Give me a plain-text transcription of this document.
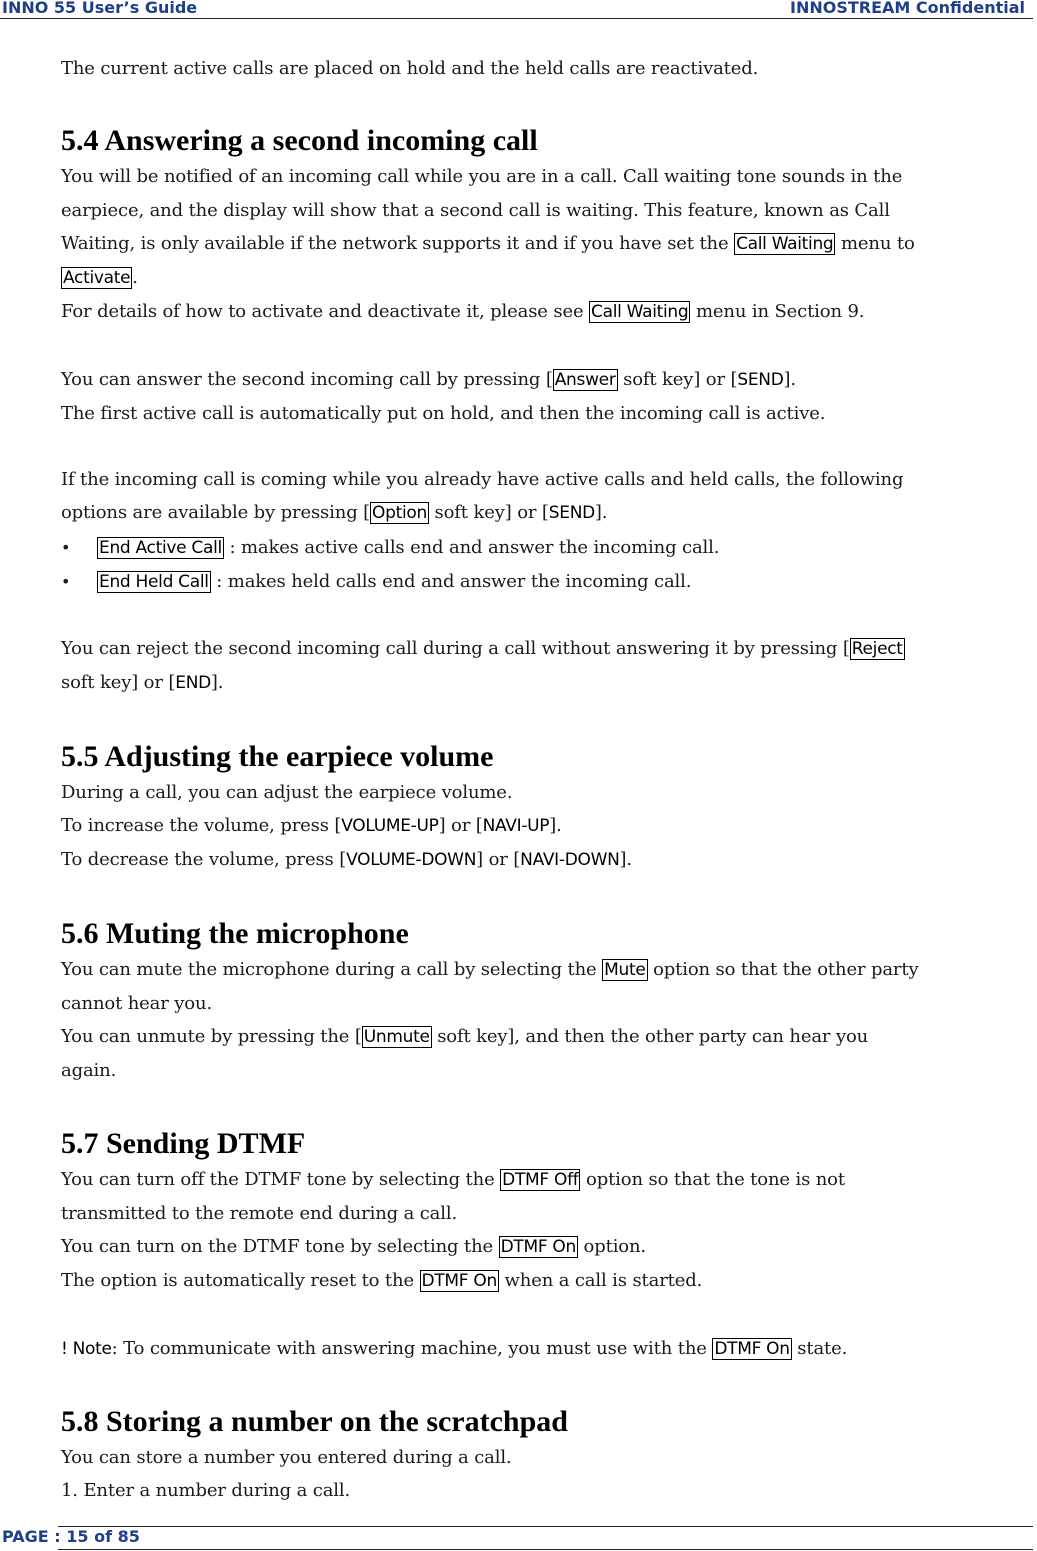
INNO 55 User’s Guide	INNOSTREAM Confidential

The current active calls are placed on hold and the held calls are reactivated.

5.4 Answering a second incoming call

You will be notified of an incoming call while you are in a call. Call waiting tone sounds in the

earpiece, and the display will show that a second call is waiting. This feature, known as Call

Waiting, is only available if the network supports it and if you have set the Call Waiting menu to

Activate .

For details of how to activate and deactivate it, please see Call Waiting menu in Section 9.

You can answer the second incoming call by pressing [ Answer soft key] or [SEND].

The first active call is automatically put on hold, and then the incoming call is active.

If the incoming call is coming while you already have active calls and held calls, the following

options are available by pressing [ Option soft key] or [SEND].

• End Active Call : makes active calls end and answer the incoming call.

• End Held Call : makes held calls end and answer the incoming call.

You can reject the second incoming call during a call without answering it by pressing [ Reject

soft key] or [END].

5.5 Adjusting the earpiece volume

During a call, you can adjust the earpiece volume.

To increase the volume, press [VOLUME-UP] or [NAVI-UP].

To decrease the volume, press [VOLUME-DOWN] or [NAVI-DOWN].

5.6 Muting the microphone

You can mute the microphone during a call by selecting the Mute option so that the other party

cannot hear you.

You can unmute by pressing the [ Unmute soft key], and then the other party can hear you

again.

5.7 Sending DTMF

You can turn off the DTMF tone by selecting the DTMF Off option so that the tone is not

transmitted to the remote end during a call.

You can turn on the DTMF tone by selecting the DTMF On option.

The option is automatically reset to the DTMF On when a call is started.

! Note: To communicate with answering machine, you must use with the DTMF On state.

5.8 Storing a number on the scratchpad

You can store a number you entered during a call.

1. Enter a number during a call.

PAGE : 15 of 85
